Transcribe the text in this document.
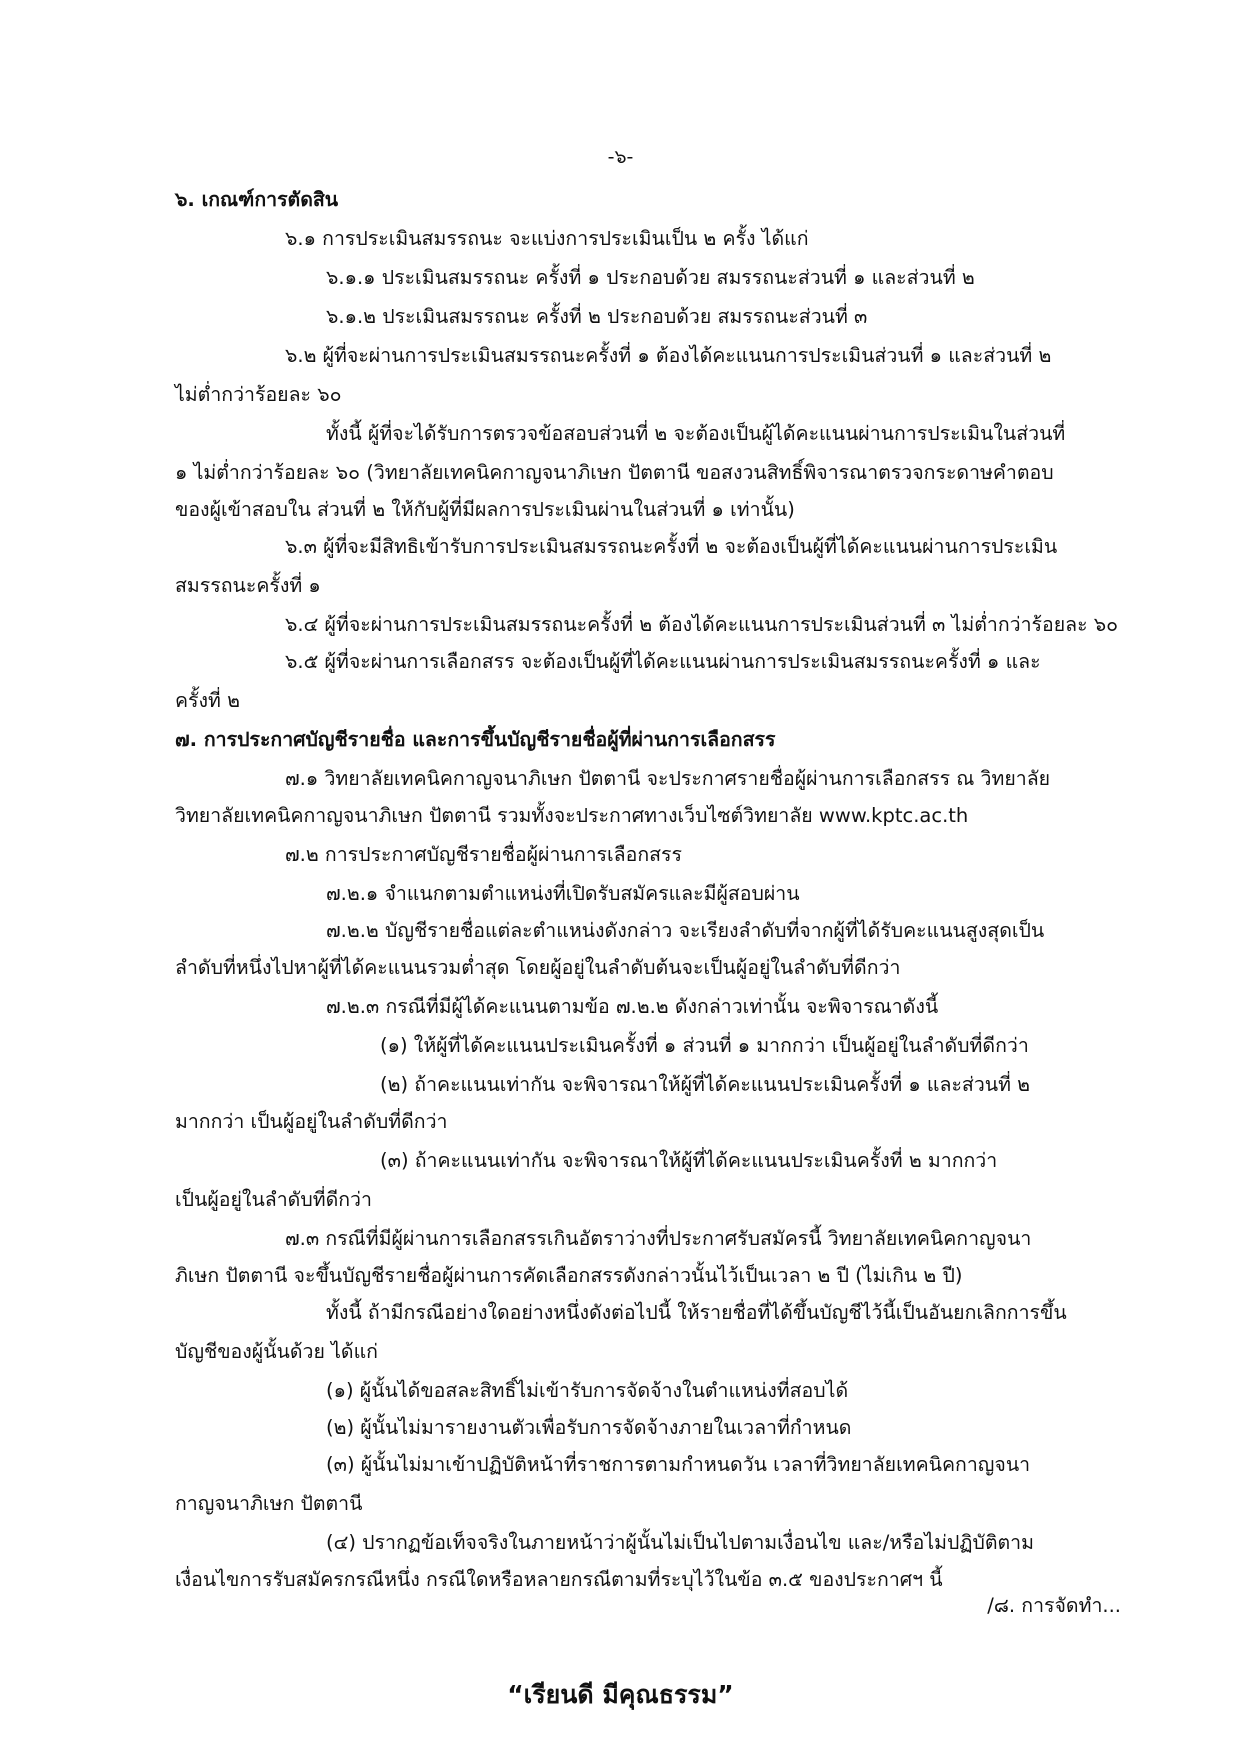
-๖-
๖. เกณฑ์การตัดสิน
๖.๑ การประเมินสมรรถนะ จะแบ่งการประเมินเป็น ๒ ครั้ง ได้แก่
๖.๑.๑ ประเมินสมรรถนะ ครั้งที่ ๑ ประกอบด้วย สมรรถนะส่วนที่ ๑ และส่วนที่ ๒
๖.๑.๒ ประเมินสมรรถนะ ครั้งที่ ๒ ประกอบด้วย สมรรถนะส่วนที่ ๓
๖.๒ ผู้ที่จะผ่านการประเมินสมรรถนะครั้งที่ ๑ ต้องได้คะแนนการประเมินส่วนที่ ๑ และส่วนที่ ๒
ไม่ต่ำกว่าร้อยละ ๖๐
ทั้งนี้ ผู้ที่จะได้รับการตรวจข้อสอบส่วนที่ ๒ จะต้องเป็นผู้ได้คะแนนผ่านการประเมินในส่วนที่
๑ ไม่ต่ำกว่าร้อยละ ๖๐ (วิทยาลัยเทคนิคกาญจนาภิเษก ปัตตานี ขอสงวนสิทธิ์พิจารณาตรวจกระดาษคำตอบ
ของผู้เข้าสอบใน ส่วนที่ ๒ ให้กับผู้ที่มีผลการประเมินผ่านในส่วนที่ ๑ เท่านั้น)
๖.๓ ผู้ที่จะมีสิทธิเข้ารับการประเมินสมรรถนะครั้งที่ ๒ จะต้องเป็นผู้ที่ได้คะแนนผ่านการประเมิน
สมรรถนะครั้งที่ ๑
๖.๔ ผู้ที่จะผ่านการประเมินสมรรถนะครั้งที่ ๒ ต้องได้คะแนนการประเมินส่วนที่ ๓ ไม่ต่ำกว่าร้อยละ ๖๐
๖.๕ ผู้ที่จะผ่านการเลือกสรร จะต้องเป็นผู้ที่ได้คะแนนผ่านการประเมินสมรรถนะครั้งที่ ๑ และ
ครั้งที่ ๒
๗. การประกาศบัญชีรายชื่อ และการขึ้นบัญชีรายชื่อผู้ที่ผ่านการเลือกสรร
๗.๑ วิทยาลัยเทคนิคกาญจนาภิเษก ปัตตานี จะประกาศรายชื่อผู้ผ่านการเลือกสรร ณ วิทยาลัย
วิทยาลัยเทคนิคกาญจนาภิเษก ปัตตานี รวมทั้งจะประกาศทางเว็บไซต์วิทยาลัย www.kptc.ac.th
๗.๒ การประกาศบัญชีรายชื่อผู้ผ่านการเลือกสรร
๗.๒.๑ จำแนกตามตำแหน่งที่เปิดรับสมัครและมีผู้สอบผ่าน
๗.๒.๒ บัญชีรายชื่อแต่ละตำแหน่งดังกล่าว จะเรียงลำดับที่จากผู้ที่ได้รับคะแนนสูงสุดเป็น
ลำดับที่หนึ่งไปหาผู้ที่ได้คะแนนรวมต่ำสุด โดยผู้อยู่ในลำดับต้นจะเป็นผู้อยู่ในลำดับที่ดีกว่า
๗.๒.๓ กรณีที่มีผู้ได้คะแนนตามข้อ ๗.๒.๒ ดังกล่าวเท่านั้น จะพิจารณาดังนี้
(๑) ให้ผู้ที่ได้คะแนนประเมินครั้งที่ ๑ ส่วนที่ ๑ มากกว่า เป็นผู้อยู่ในลำดับที่ดีกว่า
(๒) ถ้าคะแนนเท่ากัน จะพิจารณาให้ผู้ที่ได้คะแนนประเมินครั้งที่ ๑ และส่วนที่ ๒
มากกว่า เป็นผู้อยู่ในลำดับที่ดีกว่า
(๓) ถ้าคะแนนเท่ากัน จะพิจารณาให้ผู้ที่ได้คะแนนประเมินครั้งที่ ๒ มากกว่า
เป็นผู้อยู่ในลำดับที่ดีกว่า
๗.๓ กรณีที่มีผู้ผ่านการเลือกสรรเกินอัตราว่างที่ประกาศรับสมัครนี้ วิทยาลัยเทคนิคกาญจนา
ภิเษก ปัตตานี จะขึ้นบัญชีรายชื่อผู้ผ่านการคัดเลือกสรรดังกล่าวนั้นไว้เป็นเวลา ๒ ปี (ไม่เกิน ๒ ปี)
ทั้งนี้ ถ้ามีกรณีอย่างใดอย่างหนึ่งดังต่อไปนี้ ให้รายชื่อที่ได้ขึ้นบัญชีไว้นี้เป็นอันยกเลิกการขึ้น
บัญชีของผู้นั้นด้วย ได้แก่
(๑) ผู้นั้นได้ขอสละสิทธิ์ไม่เข้ารับการจัดจ้างในตำแหน่งที่สอบได้
(๒) ผู้นั้นไม่มารายงานตัวเพื่อรับการจัดจ้างภายในเวลาที่กำหนด
(๓) ผู้นั้นไม่มาเข้าปฏิบัติหน้าที่ราชการตามกำหนดวัน เวลาที่วิทยาลัยเทคนิคกาญจนา
กาญจนาภิเษก ปัตตานี
(๔) ปรากฏข้อเท็จจริงในภายหน้าว่าผู้นั้นไม่เป็นไปตามเงื่อนไข และ/หรือไม่ปฏิบัติตาม
เงื่อนไขการรับสมัครกรณีหนึ่ง กรณีใดหรือหลายกรณีตามที่ระบุไว้ในข้อ ๓.๕ ของประกาศฯ นี้
/๘. การจัดทำ...
“เรียนดี มีคุณธรรม”
